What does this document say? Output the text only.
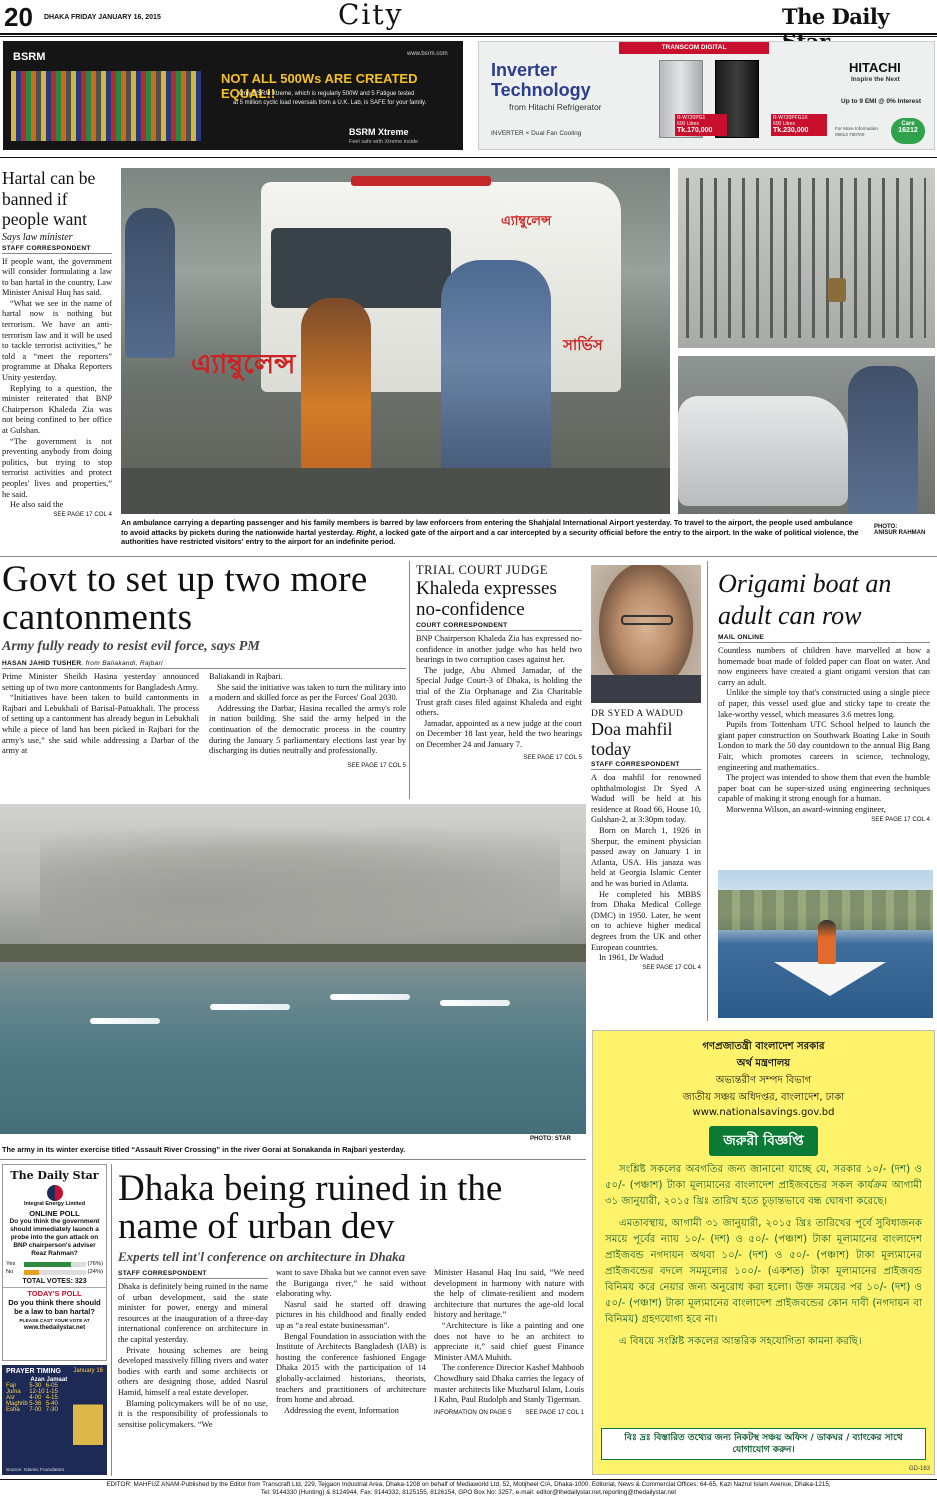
20 DHAKA FRIDAY JANUARY 16, 2015	City	The Daily
BSRM	www.bsrm.com
NOT ALL 500Ws ARE CREATED EQUAL!!
Only BSRM Xtreme, which is regularly 500W and 5 Fatigue tested
at 5 million cyclic load reversals from a U.K. Lab, is SAFE for your family.
BSRM Xtreme
Feel safe with Xtreme inside
TRANSCOM DIGITAL
Inverter
Technology
from Hitachi Refrigerator
INVERTER × Dual Fan Cooling
R-W720PG1
600 Litres
Tk.170,000
R-W720PFG1X
600 Litres
Tk.230,000
HITACHI
Inspire the Next
Up to 9 EMI @ 0% Interest
For More Information 09613 700700
Care
16212
Hartal can be banned if people want
Says law minister
STAFF CORRESPONDENT

If people want, the government will consider formulating a law to ban hartal in the country, Law Minister Anisul Huq has said.

“What we see in the name of hartal now is nothing but terrorism. We have an anti-terrorism law and it will be used to tackle terrorist activities,” he told a “meet the reporters” programme at Dhaka Reporters Unity yesterday.

Replying to a question, the minister reiterated that BNP Chairperson Khaleda Zia was not being confined to her office at Gulshan.

“The government is not preventing anybody from doing politics, but trying to stop terrorist activities and protect peoples' lives and properties,” he said.

He also said the

SEE PAGE 17 COL 4
এ্যাম্বুলেন্স
এ্যাম্বুলেন্স
সার্ভিস
An ambulance carrying a departing passenger and his family members is barred by law enforcers from entering the Shahjalal International Airport yesterday. To travel to the airport, the people used ambulance to avoid attacks by pickets during the nationwide hartal yesterday. Right, a locked gate of the airport and a car intercepted by a security official before the entry to the airport. In the wake of political violence, the authorities have restricted visitors' entry to the airport for an indefinite period.
PHOTO:
ANISUR RAHMAN
Govt to set up two more cantonments
Army fully ready to resist evil force, says PM
HASAN JAHID TUSHER, from Baliakandi, Rajbari

Prime Minister Sheikh Hasina yesterday announced setting up of two more cantonments for Bangladesh Army.

“Initiatives have been taken to build cantonments in Rajbari and Lebukhali of Barisal-Patuakhali. The process of setting up a cantonment has already begun in Lebukhali while a piece of land has been picked in Rajbari for the army's use,” she said while addressing a Darbar of the army at

Baliakandi in Rajbari.

She said the initiative was taken to turn the military into a modern and skilled force as per the Forces' Goal 2030.

Addressing the Darbar, Hasina recalled the army's role in nation building. She said the army helped in the continuation of the democratic process in the country during the January 5 parliamentary elections last year by discharging its duties neutrally and professionally.

SEE PAGE 17 COL 5
TRIAL COURT JUDGE
Khaleda expresses no-confidence
COURT CORRESPONDENT

BNP Chairperson Khaleda Zia has expressed no-confidence in another judge who has held two hearings in two corruption cases against her.

The judge, Abu Ahmed Jamadar, of the Special Judge Court-3 of Dhaka, is holding the trial of the Zia Orphanage and Zia Charitable Trust graft cases filed against Khaleda and eight others.

Jamadar, appointed as a new judge at the court on December 18 last year, held the two hearings on December 24 and January 7.

SEE PAGE 17 COL 5
DR SYED A WADUD
Doa mahfil today
STAFF CORRESPONDENT

A doa mahfil for renowned ophthalmologist Dr Syed A Wadud will be held at his residence at Road 66, House 10, Gulshan-2, at 3:30pm today.

Born on March 1, 1926 in Sherpur, the eminent physician passed away on January 1 in Atlanta, USA. His janaza was held at Georgia Islamic Center and he was buried in Atlanta.

He completed his MBBS from Dhaka Medical College (DMC) in 1950. Later, he went on to achieve higher medical degrees from the UK and other European countries.

In 1961, Dr Wadud

SEE PAGE 17 COL 4
Origami boat an adult can row
MAIL ONLINE

Countless numbers of children have marvelled at how a homemade boat made of folded paper can float on water. And now engineers have created a giant origami version that can carry an adult.

Unlike the simple toy that's constructed using a single piece of paper, this vessel used glue and sticky tape to create the lake-worthy vessel, which measures 3.6 metres long.

Pupils from Tottenham UTC School helped to launch the giant paper construction on Southwark Boating Lake in South London to mark the 50 day countdown to the annual Big Bang Fair, which promotes careers in science, technology, engineering and mathematics.

The project was intended to show them that even the humble paper boat can be super-sized using engineering techniques capable of making it strong enough for a human.

Morwenna Wilson, an award-winning engineer,

SEE PAGE 17 COL 4
PHOTO: STAR
The army in its winter exercise titled “Assault River Crossing” in the river Gorai at Sonakanda in Rajbari yesterday.
The Daily Star
Integral Energy Limited
ONLINE POLL
Do you think the government should immediately launch a probe into the gun attack on BNP chairperson's adviser Reaz Rahman?
Yes	(76%)
No	(24%)
TOTAL VOTES: 323
TODAY'S POLL
Do you think there should be a law to ban hartal?
PLEASE CAST YOUR VOTE AT
www.thedailystar.net
PRAYER TIMING January 16
	Azan	Jamaat
Fajr	5-30	6-05
Juma	12-10	1-15
Asr	4-00	4-15
Maghrib	5-36	5-40
Esha	7-00	7-30
Source: Islamic Foundation
Dhaka being ruined in the name of urban dev
Experts tell int'l conference on architecture in Dhaka
STAFF CORRESPONDENT

Dhaka is definitely being ruined in the name of urban development, said the state minister for power, energy and mineral resources at the inauguration of a three-day international conference on architecture in the capital yesterday.

Private housing schemes are being developed massively filling rivers and water bodies with earth and some architects or others are designing those, added Nasrul Hamid, himself a real estate developer.

Blaming policymakers will be of no use, it is the responsibility of professionals to sensitise policymakers. “We

want to save Dhaka but we cannot even save the Buriganga river,” he said without elaborating why.

Nasrul said he started off drawing pictures in his childhood and finally ended up as “a real estate businessman”.

Bengal Foundation in association with the Institute of Architects Bangladesh (IAB) is hosting the conference fashioned Engage Dhaka 2015 with the participation of 14 globally-acclaimed historians, theorists, teachers and practitioners of architecture from home and abroad.

Addressing the event, Information

Minister Hasanul Haq Inu said, “We need development in harmony with nature with the help of climate-resilient and modern architecture that nurtures the age-old local history and heritage.”

“Architecture is like a painting and one does not have to be an architect to appreciate it,” said chief guest Finance Minister AMA Muhith.

The conference Director Kashef Mahboob Chowdhury said Dhaka carries the legacy of master architects like Muzharul Islam, Louis I Kahn, Paul Rudolph and Stanly Tigerman.

INFORMATION ON PAGE 5 SEE PAGE 17 COL 1
গণপ্রজাতন্ত্রী বাংলাদেশ সরকার
অর্থ মন্ত্রণালয়
অভ্যন্তরীণ সম্পদ বিভাগ
জাতীয় সঞ্চয় অধিদপ্তর, বাংলাদেশ, ঢাকা
www.nationalsavings.gov.bd
জরুরী বিজ্ঞপ্তি
সংশ্লিষ্ট সকলের অবগতির জন্য জানানো যাচ্ছে যে, সরকার ১০/- (দশ) ও ৫০/- (পঞ্চাশ) টাকা মূল্যমানের বাংলাদেশ প্রাইজবন্ডের সকল কার্যক্রম আগামী ৩১ জানুয়ারী, ২০১৫ খ্রিঃ তারিখ হতে চূড়ান্তভাবে বন্ধ ঘোষণা করেছে।
এমতাবস্থায়, আগামী ৩১ জানুয়ারী, ২০১৫ খ্রিঃ তারিখের পূর্বে সুবিধাজনক সময়ে পূর্বের ন্যায় ১০/- (দশ) ও ৫০/- (পঞ্চাশ) টাকা মূল্যমানের বাংলাদেশ প্রাইজবন্ড নগদায়ন অথবা ১০/- (দশ) ও ৫০/- (পঞ্চাশ) টাকা মূল্যমানের প্রাইজবন্ডের বদলে সমমূল্যের ১০০/- (একশত) টাকা মূল্যমানের প্রাইজবন্ড বিনিময় করে নেয়ার জন্য অনুরোধ করা হলো। উক্ত সময়ের পর ১০/- (দশ) ও ৫০/- (পঞ্চাশ) টাকা মূল্যমানের বাংলাদেশ প্রাইজবন্ডের কোন দাবী (নগদায়ন বা বিনিময়) গ্রহণযোগ্য হবে না।
এ বিষয়ে সংশ্লিষ্ট সকলের আন্তরিক সহযোগিতা কামনা করছি।
বিঃ দ্রঃ বিস্তারিত তথ্যের জন্য নিকটস্থ সঞ্চয় অফিস / ডাকঘর / ব্যাংকের সাথে যোগাযোগ করুন।
GD-163
EDITOR: MAHFUZ ANAM-Published by the Editor from Transcraft Ltd, 229, Tejgaon Industrial Area, Dhaka-1208 on behalf of Mediaworld Ltd, 52, Motijheel C/A, Dhaka-1000. Editorial, News & Commercial Offices: 64-65, Kazi Nazrul Islam Avenue, Dhaka-1215,
Tel: 9144330 (Hunting) & 8124944, Fax: 9144332, 8125155, 8126154, GPO Box No: 3257, e-mail: editor@thedailystar.net,reporting@thedailystar.net
